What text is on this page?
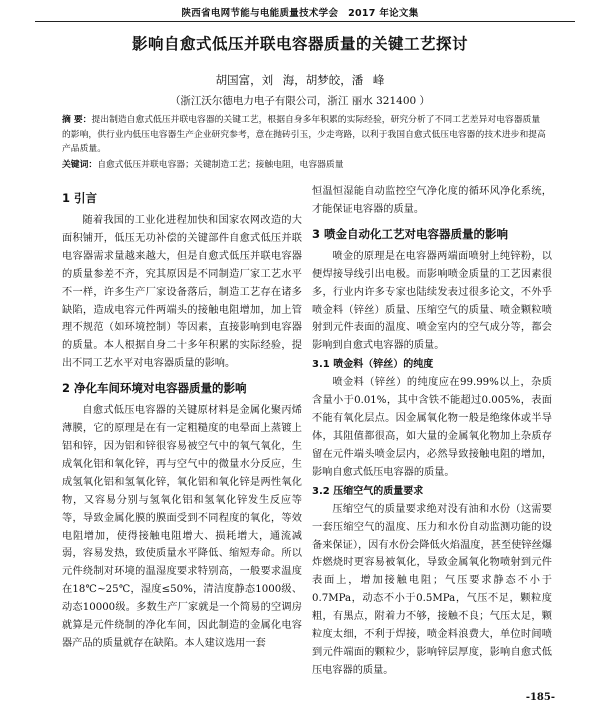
陕西省电网节能与电能质量技术学会　2017 年论文集
影响自愈式低压并联电容器质量的关键工艺探讨
胡国富，刘 海，胡梦皎，潘 峰
（浙江沃尔德电力电子有限公司，浙江 丽水 321400 ）
摘 要：提出制造自愈式低压并联电容器的关键工艺，根据自身多年积累的实际经验，研究分析了不同工艺差异对电容器质量的影响，供行业内低压电容器生产企业研究参考，意在抛砖引玉，少走弯路，以利于我国自愈式低压电容器的技术进步和提高产品质量。
关键词：自愈式低压并联电容器；关键制造工艺；接触电阻，电容器质量
1 引言

随着我国的工业化进程加快和国家农网改造的大面积铺开，低压无功补偿的关键部件自愈式低压并联电容器需求量越来越大，但是自愈式低压并联电容器的质量参差不齐，究其原因是不同制造厂家工艺水平不一样，许多生产厂家设备落后，制造工艺存在诸多缺陷，造成电容元件两端头的接触电阻增加，加上管理不规范（如环境控制）等因素，直接影响到电容器的质量。本人根据自身二十多年积累的实际经验，提出不同工艺水平对电容器质量的影响。

2 净化车间环境对电容器质量的影响

自愈式低压电容器的关键原材料是金属化聚丙烯薄膜，它的原理是在有一定粗糙度的电晕面上蒸镀上铝和锌，因为铝和锌很容易被空气中的氧气氧化，生成氧化铝和氧化锌，再与空气中的微量水分反应，生成氢氧化铝和氢氧化锌，氧化铝和氧化锌是两性氧化物，又容易分别与氢氧化铝和氢氧化锌发生反应等等，导致金属化膜的膜面受到不同程度的氧化，等效电阻增加，使得接触电阻增大、损耗增大，通流减弱，容易发热，致使质量水平降低、缩短寿命。所以元件绕制对环境的温湿度要求特别高，一般要求温度在18℃~25℃，湿度≤50%，清洁度静态1000级、动态10000级。多数生产厂家就是一个简易的空调房就算是元件绕制的净化车间，因此制造的金属化电容器产品的质量就存在缺陷。本人建议选用一套

恒温恒湿能自动监控空气净化度的循环风净化系统，才能保证电容器的质量。

3 喷金自动化工艺对电容器质量的影响

喷金的原理是在电容器两端面喷射上纯锌粉，以便焊接导线引出电极。而影响喷金质量的工艺因素很多，行业内许多专家也陆续发表过很多论文，不外乎喷金料（锌丝）质量、压缩空气的质量、喷金颗粒喷射到元件表面的温度、喷金室内的空气成分等，都会影响到自愈式电容器的质量。

3.1 喷金料（锌丝）的纯度

喷金料（锌丝）的纯度应在99.99%以上，杂质含量小于0.01%，其中含铁不能超过0.005%，表面不能有氧化层点。因金属氧化物一般是绝缘体或半导体，其阻值都很高，如大量的金属氧化物加上杂质存留在元件端头喷金层内，必然导致接触电阻的增加，影响自愈式低压电容器的质量。

3.2 压缩空气的质量要求

压缩空气的质量要求绝对没有油和水份（这需要一套压缩空气的温度、压力和水份自动监测功能的设备来保证），因有水份会降低火焰温度，甚至使锌丝爆炸燃烧时更容易被氧化，导致金属氧化物喷射到元件表面上，增加接触电阻；气压要求静态不小于0.7MPa，动态不小于0.5MPa，气压不足，颗粒度粗，有黑点，附着力不够，接触不良；气压太足，颗粒度太细，不利于焊接，喷金料浪费大，单位时间喷到元件端面的颗粒少，影响锌层厚度，影响自愈式低压电容器的质量。

-185-
